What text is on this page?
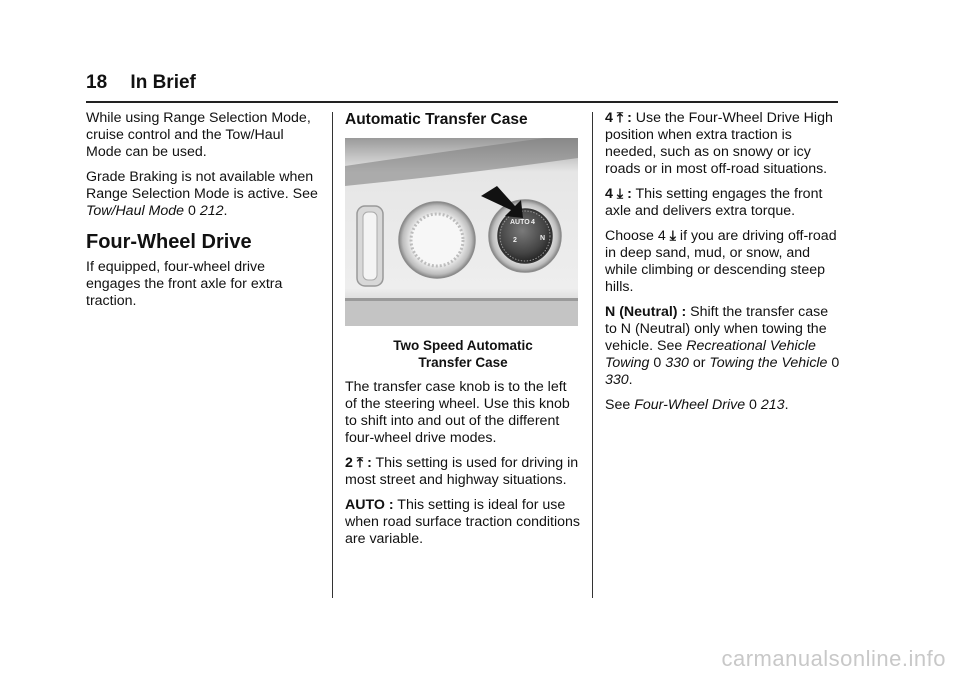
18 In Brief

While using Range Selection Mode, cruise control and the Tow/Haul Mode can be used.

Grade Braking is not available when Range Selection Mode is active. See Tow/Haul Mode 0 212.

Four-Wheel Drive

If equipped, four-wheel drive engages the front axle for extra traction.

Automatic Transfer Case
AUTO 4
2	N
Two Speed Automatic
Transfer Case

The transfer case knob is to the left of the steering wheel. Use this knob to shift into and out of the different four-wheel drive modes.

2 ⤒ : This setting is used for driving in most street and highway situations.

AUTO : This setting is ideal for use when road surface traction conditions are variable.

4 ⤒ : Use the Four-Wheel Drive High position when extra traction is needed, such as on snowy or icy roads or in most off-road situations.

4 ⤓ : This setting engages the front axle and delivers extra torque.

Choose 4 ⤓ if you are driving off-road in deep sand, mud, or snow, and while climbing or descending steep hills.

N (Neutral) : Shift the transfer case to N (Neutral) only when towing the vehicle. See Recreational Vehicle Towing 0 330 or Towing the Vehicle 0 330.

See Four-Wheel Drive 0 213.

carmanualsonline.info
